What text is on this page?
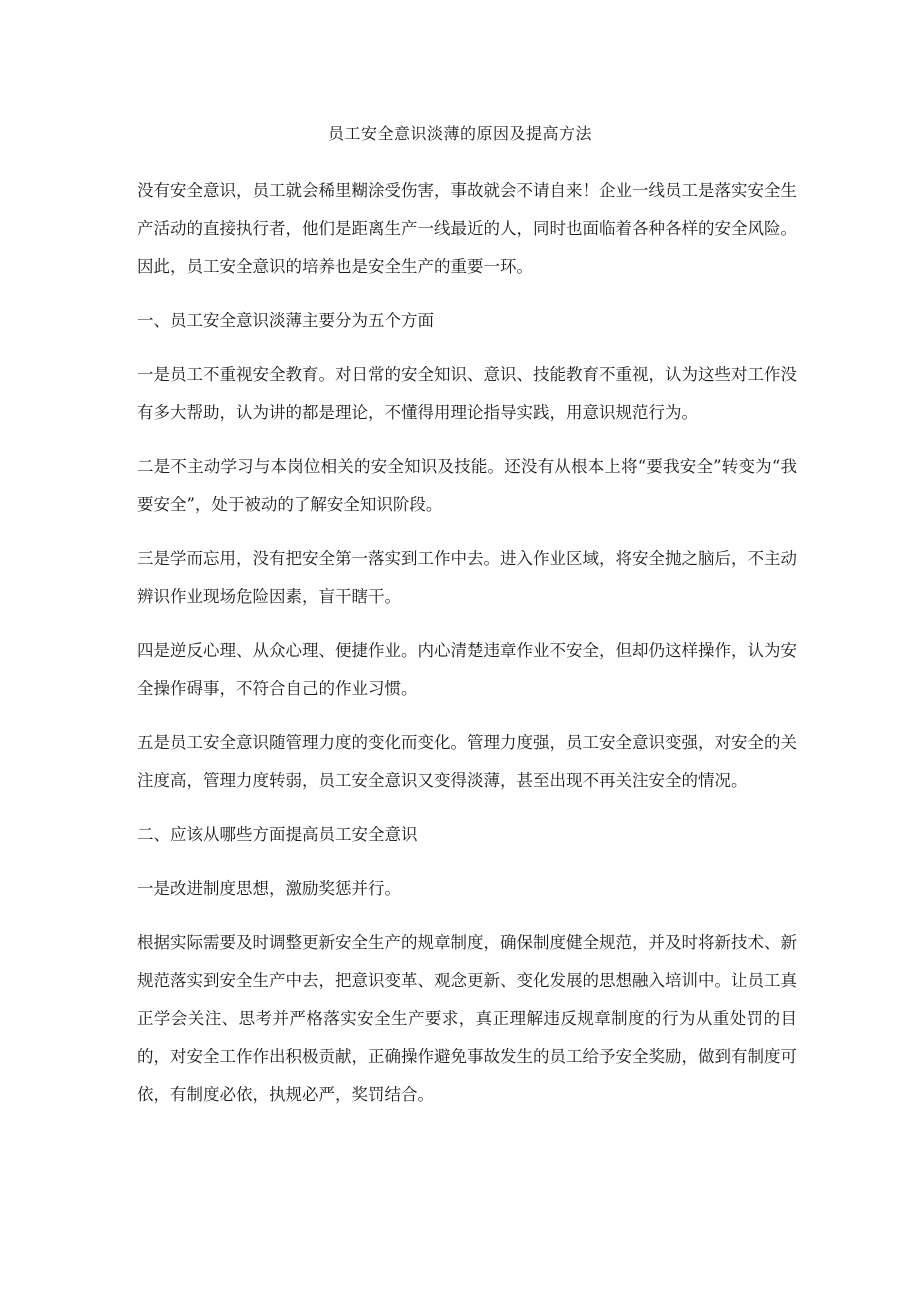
员工安全意识淡薄的原因及提高方法

没有安全意识，员工就会稀里糊涂受伤害，事故就会不请自来！企业一线员工是落实安全生产活动的直接执行者，他们是距离生产一线最近的人，同时也面临着各种各样的安全风险。因此，员工安全意识的培养也是安全生产的重要一环。

一、员工安全意识淡薄主要分为五个方面

一是员工不重视安全教育。对日常的安全知识、意识、技能教育不重视，认为这些对工作没有多大帮助，认为讲的都是理论，不懂得用理论指导实践，用意识规范行为。

二是不主动学习与本岗位相关的安全知识及技能。还没有从根本上将“要我安全”转变为“我要安全”，处于被动的了解安全知识阶段。

三是学而忘用，没有把安全第一落实到工作中去。进入作业区域，将安全抛之脑后，不主动辨识作业现场危险因素，盲干瞎干。

四是逆反心理、从众心理、便捷作业。内心清楚违章作业不安全，但却仍这样操作，认为安全操作碍事，不符合自己的作业习惯。

五是员工安全意识随管理力度的变化而变化。管理力度强，员工安全意识变强，对安全的关注度高，管理力度转弱，员工安全意识又变得淡薄，甚至出现不再关注安全的情况。

二、应该从哪些方面提高员工安全意识

一是改进制度思想，激励奖惩并行。

根据实际需要及时调整更新安全生产的规章制度，确保制度健全规范，并及时将新技术、新规范落实到安全生产中去，把意识变革、观念更新、变化发展的思想融入培训中。让员工真正学会关注、思考并严格落实安全生产要求，真正理解违反规章制度的行为从重处罚的目的，对安全工作作出积极贡献，正确操作避免事故发生的员工给予安全奖励，做到有制度可依，有制度必依，执规必严，奖罚结合。
